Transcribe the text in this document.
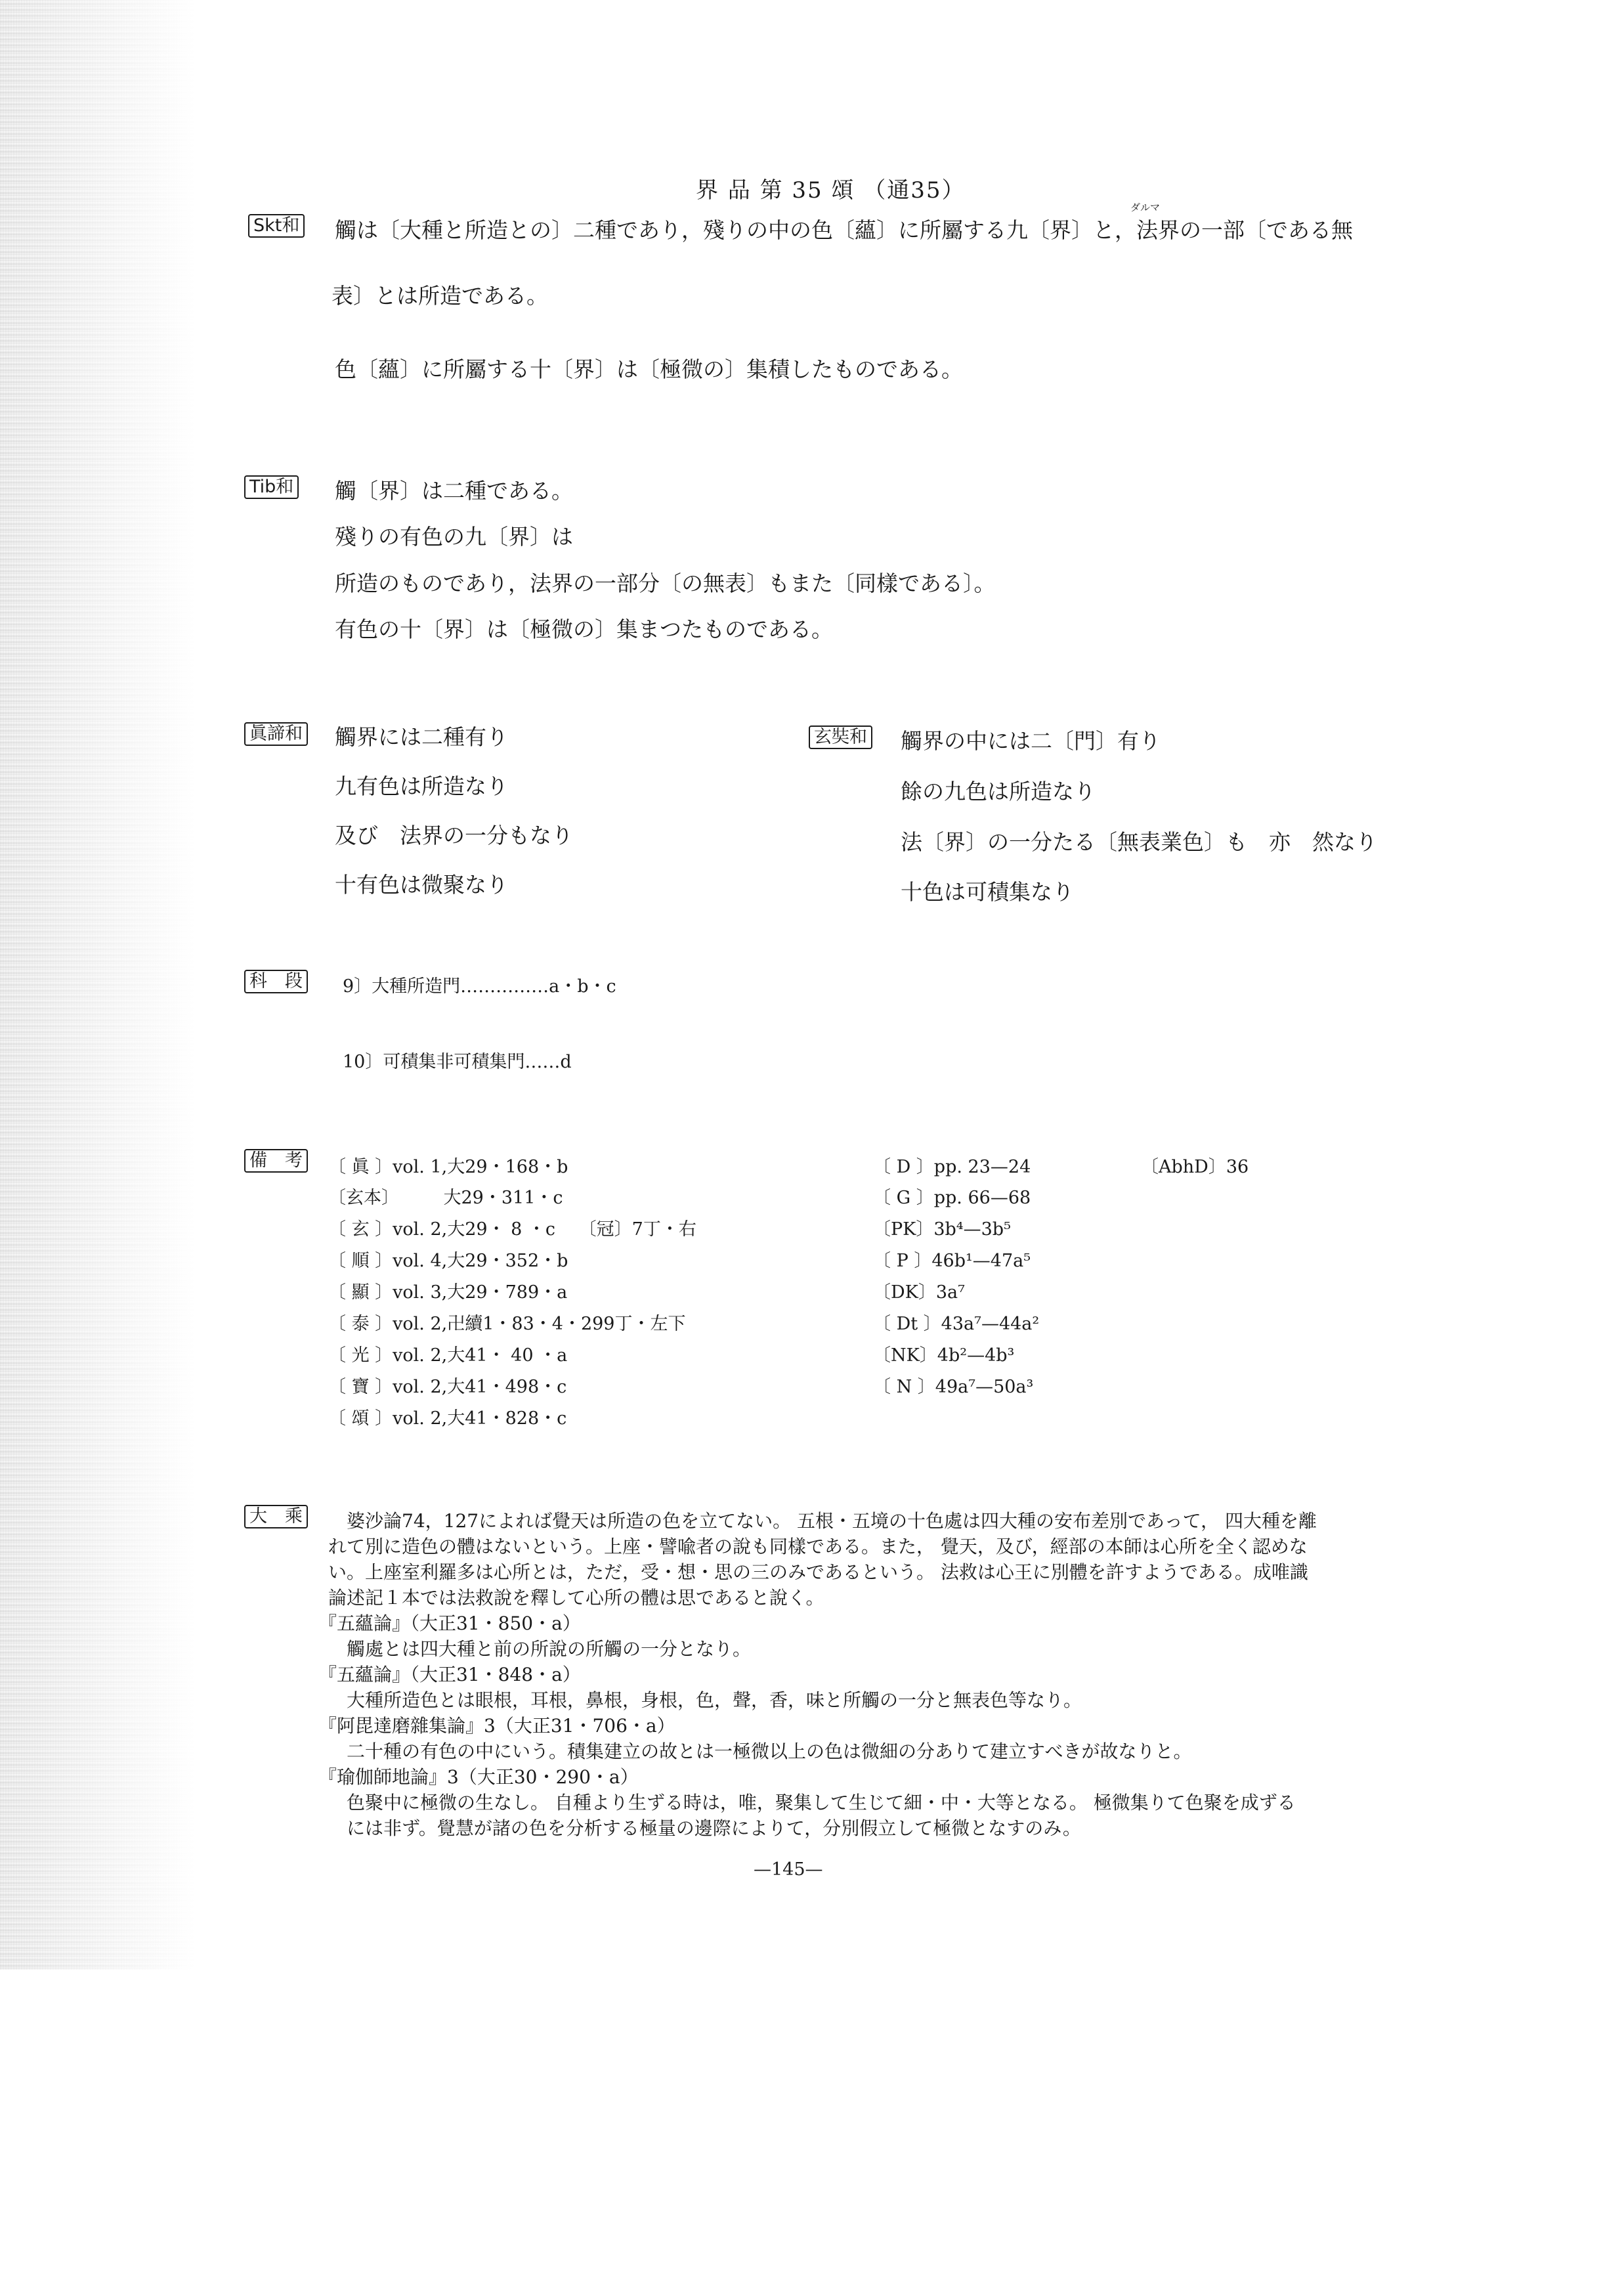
界 品 第 35 頌 （通35）
Skt和
ダルマ
觸は〔大種と所造との〕二種であり，殘りの中の色〔蘊〕に所屬する九〔界〕と，法界の一部〔である無
表〕とは所造である。
色〔蘊〕に所屬する十〔界〕は〔極微の〕集積したものである。
Tib和 觸〔界〕は二種である。
殘りの有色の九〔界〕は
所造のものであり，法界の一部分〔の無表〕もまた〔同樣である〕。
有色の十〔界〕は〔極微の〕集まつたものである。
眞諦和 觸界には二種有り
九有色は所造なり
及び　法界の一分もなり
十有色は微聚なり
玄奘和 觸界の中には二〔門〕有り
餘の九色は所造なり
法〔界〕の一分たる〔無表業色〕も　亦　然なり
十色は可積集なり
科　段 9〕大種所造門……………a・b・c
10〕可積集非可積集門……d
備　考 〔 眞 〕vol. 1,大29・168・b
〔玄本〕　　　大29・311・c
〔 玄 〕vol. 2,大29・ 8 ・c　 〔冠〕7丁・右
〔 順 〕vol. 4,大29・352・b
〔 顯 〕vol. 3,大29・789・a
〔 泰 〕vol. 2,卍續1・83・4・299丁・左下
〔 光 〕vol. 2,大41・ 40 ・a
〔 寶 〕vol. 2,大41・498・c
〔 頌 〕vol. 2,大41・828・c
〔 D 〕pp. 23—24
〔 G 〕pp. 66—68
〔PK〕3b⁴—3b⁵
〔 P 〕46b¹—47a⁵
〔DK〕3a⁷
〔 Dt 〕43a⁷—44a²
〔NK〕4b²—4b³
〔 N 〕49a⁷—50a³
〔AbhD〕36
大　乘 　婆沙論74，127によれば覺天は所造の色を立てない。 五根・五境の十色處は四大種の安布差別であって， 四大種を離
れて別に造色の體はないという。上座・譬喩者の說も同樣である。また， 覺天，及び，經部の本師は心所を全く認めな
い。上座室利羅多は心所とは，ただ，受・想・思の三のみであるという。 法救は心王に別體を許すようである。成唯識
論述記１本では法救說を釋して心所の體は思であると說く。
『五蘊論』（大正31・850・a）
　觸處とは四大種と前の所說の所觸の一分となり。
『五蘊論』（大正31・848・a）
　大種所造色とは眼根，耳根，鼻根，身根，色，聲，香，味と所觸の一分と無表色等なり。
『阿毘達磨雜集論』3（大正31・706・a）
　二十種の有色の中にいう。積集建立の故とは一極微以上の色は微細の分ありて建立すべきが故なりと。
『瑜伽師地論』3（大正30・290・a）
　色聚中に極微の生なし。 自種より生ずる時は，唯，聚集して生じて細・中・大等となる。 極微集りて色聚を成ずる
　には非ず。覺慧が諸の色を分析する極量の邊際によりて，分別假立して極微となすのみ。
—145—
